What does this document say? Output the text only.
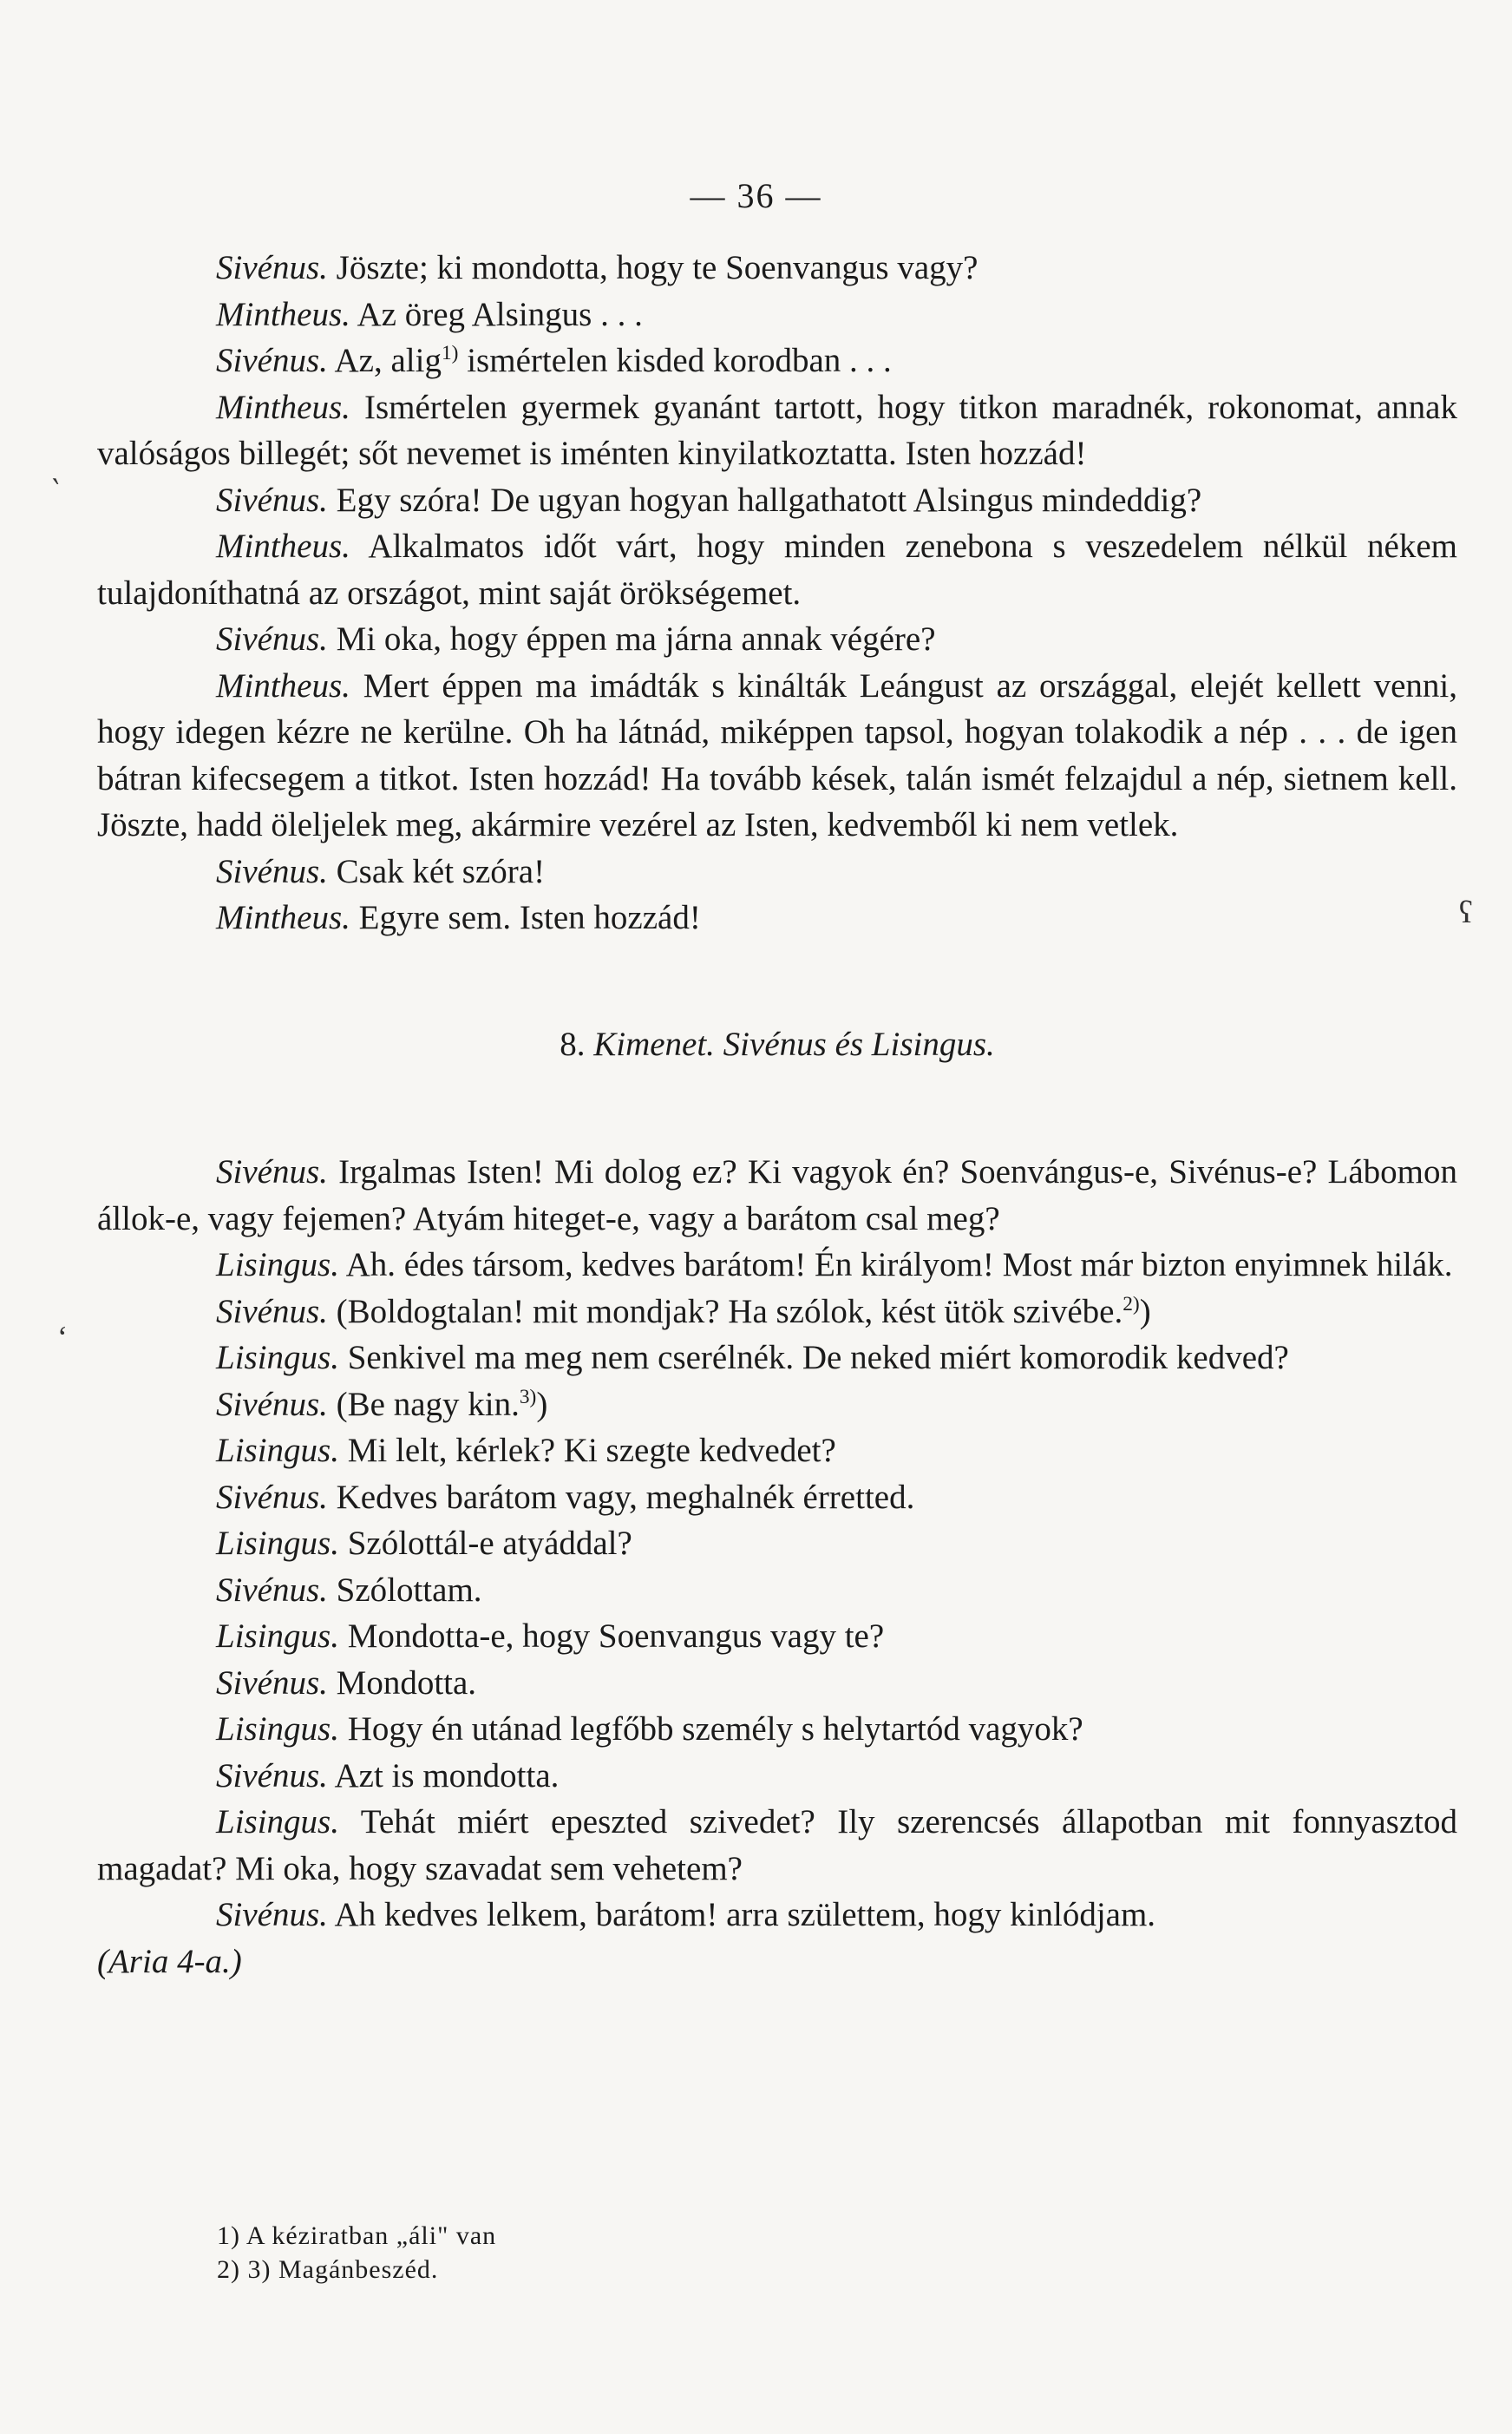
— 36 —

Sivénus. Jöszte; ki mondotta, hogy te Soenvangus vagy?

Mintheus. Az öreg Alsingus . . .

Sivénus. Az, alig$^{1)}$ ismértelen kisded korodban . . .

Mintheus. Ismértelen gyermek gyanánt tartott, hogy titkon maradnék, rokonomat, annak valóságos billegét; sőt nevemet is iménten kinyilatkoztatta. Isten hozzád!

Sivénus. Egy szóra! De ugyan hogyan hallgathatott Alsingus mindeddig?

Mintheus. Alkalmatos időt várt, hogy minden zenebona s veszedelem nélkül nékem tulajdoníthatná az országot, mint saját örökségemet.

Sivénus. Mi oka, hogy éppen ma járna annak végére?

Mintheus. Mert éppen ma imádták s kinálták Leángust az országgal, elejét kellett venni, hogy idegen kézre ne kerülne. Oh ha látnád, miképpen tapsol, hogyan tolakodik a nép . . . de igen bátran kifecsegem a titkot. Isten hozzád! Ha tovább kések, talán ismét felzajdul a nép, sietnem kell. Jöszte, hadd öleljelek meg, akármire vezérel az Isten, kedvemből ki nem vetlek.

Sivénus. Csak két szóra!

Mintheus. Egyre sem. Isten hozzád!

8. Kimenet. Sivénus és Lisingus.

Sivénus. Irgalmas Isten! Mi dolog ez? Ki vagyok én? Soenvángus-e, Sivénus-e? Lábomon állok-e, vagy fejemen? Atyám hiteget-e, vagy a barátom csal meg?

Lisingus. Ah. édes társom, kedves barátom! Én királyom! Most már bizton enyimnek hilák.

Sivénus. (Boldogtalan! mit mondjak? Ha szólok, kést ütök szivébe.$^{2)}$)

Lisingus. Senkivel ma meg nem cserélnék. De neked miért komorodik kedved?

Sivénus. (Be nagy kin.$^{3)}$)

Lisingus. Mi lelt, kérlek? Ki szegte kedvedet?

Sivénus. Kedves barátom vagy, meghalnék érretted.

Lisingus. Szólottál-e atyáddal?

Sivénus. Szólottam.

Lisingus. Mondotta-e, hogy Soenvangus vagy te?

Sivénus. Mondotta.

Lisingus. Hogy én utánad legfőbb személy s helytartód vagyok?

Sivénus. Azt is mondotta.

Lisingus. Tehát miért epeszted szivedet? Ily szerencsés állapotban mit fonnyasztod magadat? Mi oka, hogy szavadat sem vehetem?

Sivénus. Ah kedves lelkem, barátom! arra születtem, hogy kinlódjam.

(Aria 4-a.)

‵
ʻ
ʕ
1) A kéziratban „áli" van
2) 3) Magánbeszéd.
